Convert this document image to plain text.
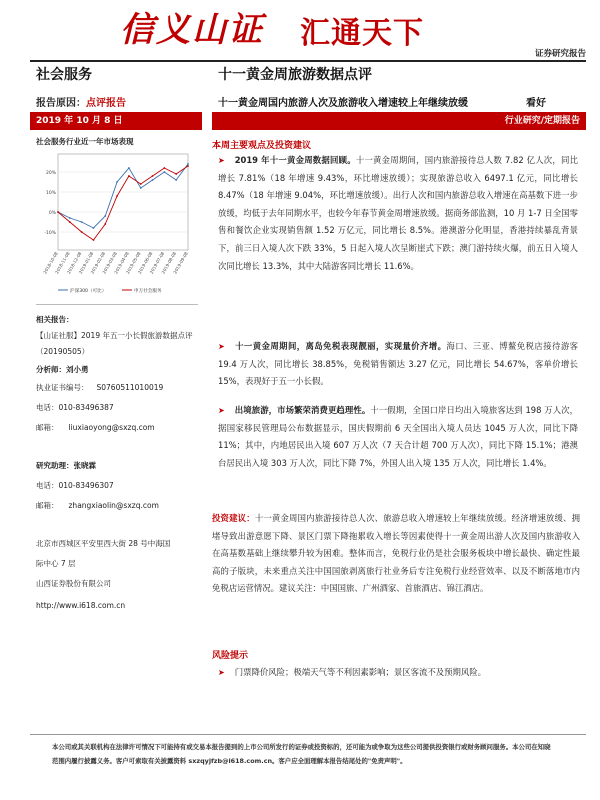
信义山证 汇通天下
证券研究报告
社会服务	十一黄金周旅游数据点评
报告原因：点评报告	十一黄金周国内旅游人次及旅游收入增速较上年继续放缓	看好
2019 年 10 月 8 日	行业研究/定期报告
社会服务行业近一年市场表现
-10%
0%
10%
20%
2018-10-08
2018-11-08
2018-12-08
2019-01-08
2019-02-08
2019-03-08
2019-04-08
2019-05-08
2019-06-08
2019-07-08
2019-08-08
2019-09-08
沪深300（可比）	申万社会服务
相关报告：
【山证社服】2019 年五一小长假旅游数据点评（20190505）
分析师：刘小勇
执业证书编号： S0760511010019
电话：010-83496387
邮箱： liuxiaoyong@sxzq.com
研究助理：张晓霖
电话：010-83496307
邮箱： zhangxiaolin@sxzq.com
北京市西城区平安里西大街 28 号中海国
际中心 7 层
山西证券股份有限公司
http://www.i618.com.cn
本周主要观点及投资建议
➤ 2019 年十一黄金周数据回顾。十一黄金周期间，国内旅游接待总人数 7.82 亿人次，同比增长 7.81%（18 年增速 9.43%，环比增速放缓）；实现旅游总收入 6497.1 亿元，同比增长 8.47%（18 年增速 9.04%，环比增速放缓）。出行人次和国内旅游总收入增速在高基数下进一步放缓，均低于去年同期水平，也较今年春节黄金周增速放缓。据商务部监测，10 月 1-7 日全国零售和餐饮企业实现销售额 1.52 万亿元，同比增长 8.5%。港澳游分化明显，香港持续暴乱背景下，前三日入境人次下跌 33%，5 日起入境人次呈断崖式下跌；澳门游持续火爆，前五日入境人次同比增长 13.3%，其中大陆游客同比增长 11.6%。
➤ 十一黄金周期间，离岛免税表现靓丽，实现量价齐增。海口、三亚、博鳌免税店接待游客 19.4 万人次，同比增长 38.85%，免税销售额达 3.27 亿元，同比增长 54.67%，客单价增长 15%，表现好于五一小长假。
➤ 出境旅游，市场繁荣消费更趋理性。十一假期，全国口岸日均出入境旅客达到 198 万人次，据国家移民管理局公布数据显示，国庆假期前 6 天全国出入境人员达 1045 万人次，同比下降 11%；其中，内地居民出入境 607 万人次（7 天合计超 700 万人次），同比下降 15.1%；港澳台居民出入境 303 万人次，同比下降 7%，外国人出入境 135 万人次，同比增长 1.4%。
投资建议：十一黄金周国内旅游接待总人次、旅游总收入增速较上年继续放缓。经济增速放缓、拥堵导致出游意愿下降、景区门票下降拖累收入增长等因素使得十一黄金周出游人次及国内旅游收入在高基数基础上继续攀升较为困难。整体而言，免税行业仍是社会服务板块中增长最快、确定性最高的子版块，未来重点关注中国国旅剥离旅行社业务后专注免税行业经营效率、以及不断落地市内免税店运营情况。建议关注：中国国旅、广州酒家、首旅酒店、锦江酒店。
风险提示
➤ 门票降价风险；极端天气等不利因素影响；景区客流不及预期风险。
本公司或其关联机构在法律许可情况下可能持有或交易本报告提到的上市公司所发行的证券或投资标的，还可能为或争取为这些公司提供投资银行或财务顾问服务。本公司在知晓范围内履行披露义务。客户可索取有关披露资料 sxzqyjfzb@i618.com.cn。客户应全面理解本报告结尾处的"免责声明"。
